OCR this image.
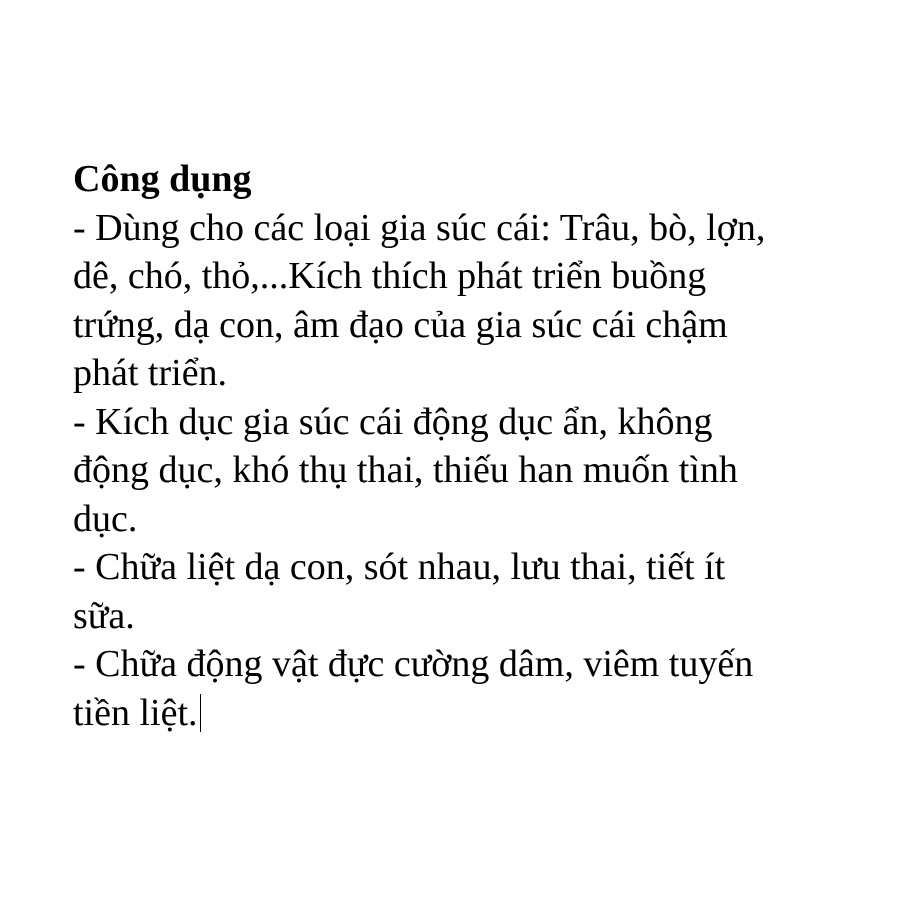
Công dụng
- Dùng cho các loại gia súc cái: Trâu, bò, lợn,
dê, chó, thỏ,...Kích thích phát triển buồng
trứng, dạ con, âm đạo của gia súc cái chậm
phát triển.
- Kích dục gia súc cái động dục ẩn, không
động dục, khó thụ thai, thiếu han muốn tình
dục.
- Chữa liệt dạ con, sót nhau, lưu thai, tiết ít
sữa.
- Chữa động vật đực cường dâm, viêm tuyến
tiền liệt.
